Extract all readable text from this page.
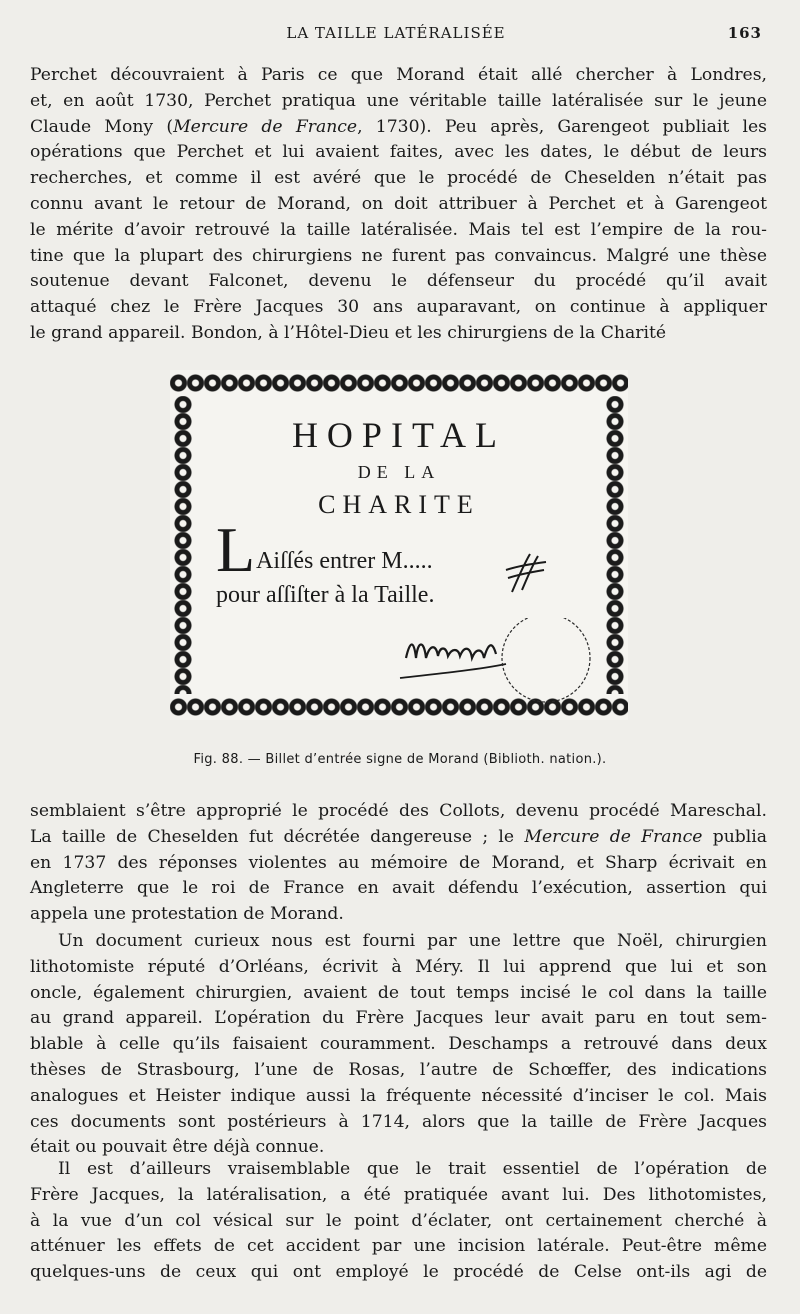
LA TAILLE LATÉRALISÉE	163
Perchet découvraient à Paris ce que Morand était allé chercher à Londres,
et, en août 1730, Perchet pratiqua une véritable taille latéralisée sur le jeune
Claude Mony (Mercure de France, 1730). Peu après, Garengeot publiait les
opérations que Perchet et lui avaient faites, avec les dates, le début de leurs
recherches, et comme il est avéré que le procédé de Cheselden n’était pas
connu avant le retour de Morand, on doit attribuer à Perchet et à Garengeot
le mérite d’avoir retrouvé la taille latéralisée. Mais tel est l’empire de la rou-
tine que la plupart des chirurgiens ne furent pas convaincus. Malgré une thèse
soutenue devant Falconet, devenu le défenseur du procédé qu’il avait
attaqué chez le Frère Jacques 30 ans auparavant, on continue à appliquer
le grand appareil. Bondon, à l’Hôtel-Dieu et les chirurgiens de la Charité
HOPITAL
DE LA
CHARITE
L Aiſſés entrer M.....
pour aſſiſter à la Taille.
Fig. 88. — Billet d’entrée signe de Morand (Biblioth. nation.).
semblaient s’être approprié le procédé des Collots, devenu procédé Mareschal.
La taille de Cheselden fut décrétée dangereuse ; le Mercure de France publia
en 1737 des réponses violentes au mémoire de Morand, et Sharp écrivait en
Angleterre que le roi de France en avait défendu l’exécution, assertion qui
appela une protestation de Morand.
Un document curieux nous est fourni par une lettre que Noël, chirurgien
lithotomiste réputé d’Orléans, écrivit à Méry. Il lui apprend que lui et son
oncle, également chirurgien, avaient de tout temps incisé le col dans la taille
au grand appareil. L’opération du Frère Jacques leur avait paru en tout sem-
blable à celle qu’ils faisaient couramment. Deschamps a retrouvé dans deux
thèses de Strasbourg, l’une de Rosas, l’autre de Schœffer, des indications
analogues et Heister indique aussi la fréquente nécessité d’inciser le col. Mais
ces documents sont postérieurs à 1714, alors que la taille de Frère Jacques
était ou pouvait être déjà connue.
Il est d’ailleurs vraisemblable que le trait essentiel de l’opération de
Frère Jacques, la latéralisation, a été pratiquée avant lui. Des lithotomistes,
à la vue d’un col vésical sur le point d’éclater, ont certainement cherché à
atténuer les effets de cet accident par une incision latérale. Peut-être même
quelques-uns de ceux qui ont employé le procédé de Celse ont-ils agi de
